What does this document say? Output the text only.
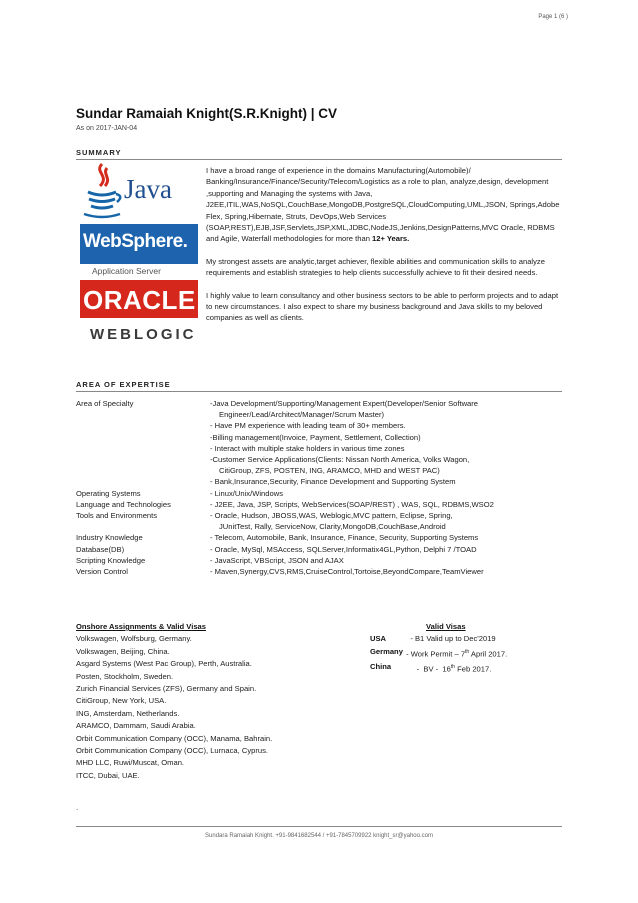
Page 1 (6 )
Sundar Ramaiah Knight(S.R.Knight) | CV
As on 2017-JAN-04
SUMMARY
Java
WebSphere.
Application Server
ORACLE
WEBLOGIC

I have a broad range of experience in the domains Manufacturing(Automobile)/ Banking/Insurance/Finance/Security/Telecom/Logistics as a role to plan, analyze,design, development ,supporting and Managing the systems with Java, J2EE,ITIL,WAS,NoSQL,CouchBase,MongoDB,PostgreSQL,CloudComputing,UML,JSON, Springs,Adobe Flex, Spring,Hibernate, Struts, DevOps,Web Services (SOAP,REST),EJB,JSF,Servlets,JSP,XML,JDBC,NodeJS,Jenkins,DesignPatterns,MVC Oracle, RDBMS and Agile, Waterfall methodologies for more than 12+ Years.

My strongest assets are analytic,target achiever, flexible abilities and communication skills to analyze requirements and establish strategies to help clients successfully achieve to fit their desired needs.

I highly value to learn consultancy and other business sectors to be able to perform projects and to adapt to new circumstances. I also expect to share my business background and Java skills to my beloved companies as well as clients.

AREA OF EXPERTISE
Area of Specialty	-Java Development/Supporting/Management Expert(Developer/Senior Software
Engineer/Lead/Architect/Manager/Scrum Master)
- Have PM experience with leading team of 30+ members.
-Billing management(Invoice, Payment, Settlement, Collection)
- Interact with multiple stake holders in various time zones
-Customer Service Applications(Clients: Nissan North America, Volks Wagon,
CitiGroup, ZFS, POSTEN, ING, ARAMCO, MHD and WEST PAC)
- Bank,Insurance,Security, Finance Development and Supporting System
Operating Systems	- Linux/Unix/Windows
Language and Technologies	- J2EE, Java, JSP, Scripts, WebServices(SOAP/REST) , WAS, SQL, RDBMS,WSO2
Tools and Environments	- Oracle, Hudson, JBOSS,WAS, Weblogic,MVC pattern, Eclipse, Spring,
JUnitTest, Rally, ServiceNow, Clarity,MongoDB,CouchBase,Android
Industry Knowledge	- Telecom, Automobile, Bank, Insurance, Finance, Security, Supporting Systems
Database(DB)	- Oracle, MySql, MSAccess, SQLServer,Informatix4GL,Python, Delphi 7 /TOAD
Scripting Knowledge	- JavaScript, VBScript, JSON and AJAX
Version Control	- Maven,Synergy,CVS,RMS,CruiseControl,Tortoise,BeyondCompare,TeamViewer
Onshore Assignments & Valid Visas
Volkswagen, Wolfsburg, Germany.
Volkswagen, Beijing, China.
Asgard Systems (West Pac Group), Perth, Australia.
Posten, Stockholm, Sweden.
Zurich Financial Services (ZFS), Germany and Spain.
CitiGroup, New York, USA.
ING, Amsterdam, Netherlands.
ARAMCO, Dammam, Saudi Arabia.
Orbit Communication Company (OCC), Manama, Bahrain.
Orbit Communication Company (OCC), Lurnaca, Cyprus.
MHD LLC, Ruwi/Muscat, Oman.
ITCC, Dubai, UAE.
Valid Visas
USA	- B1 Valid up to Dec'2019
Germany - Work Permit – 7th April 2017.
China	-  BV -  16th Feb 2017.
.
Sundara Ramaiah Knight. +91-9841682544 / +91-7845709922 knight_sr@yahoo.com
